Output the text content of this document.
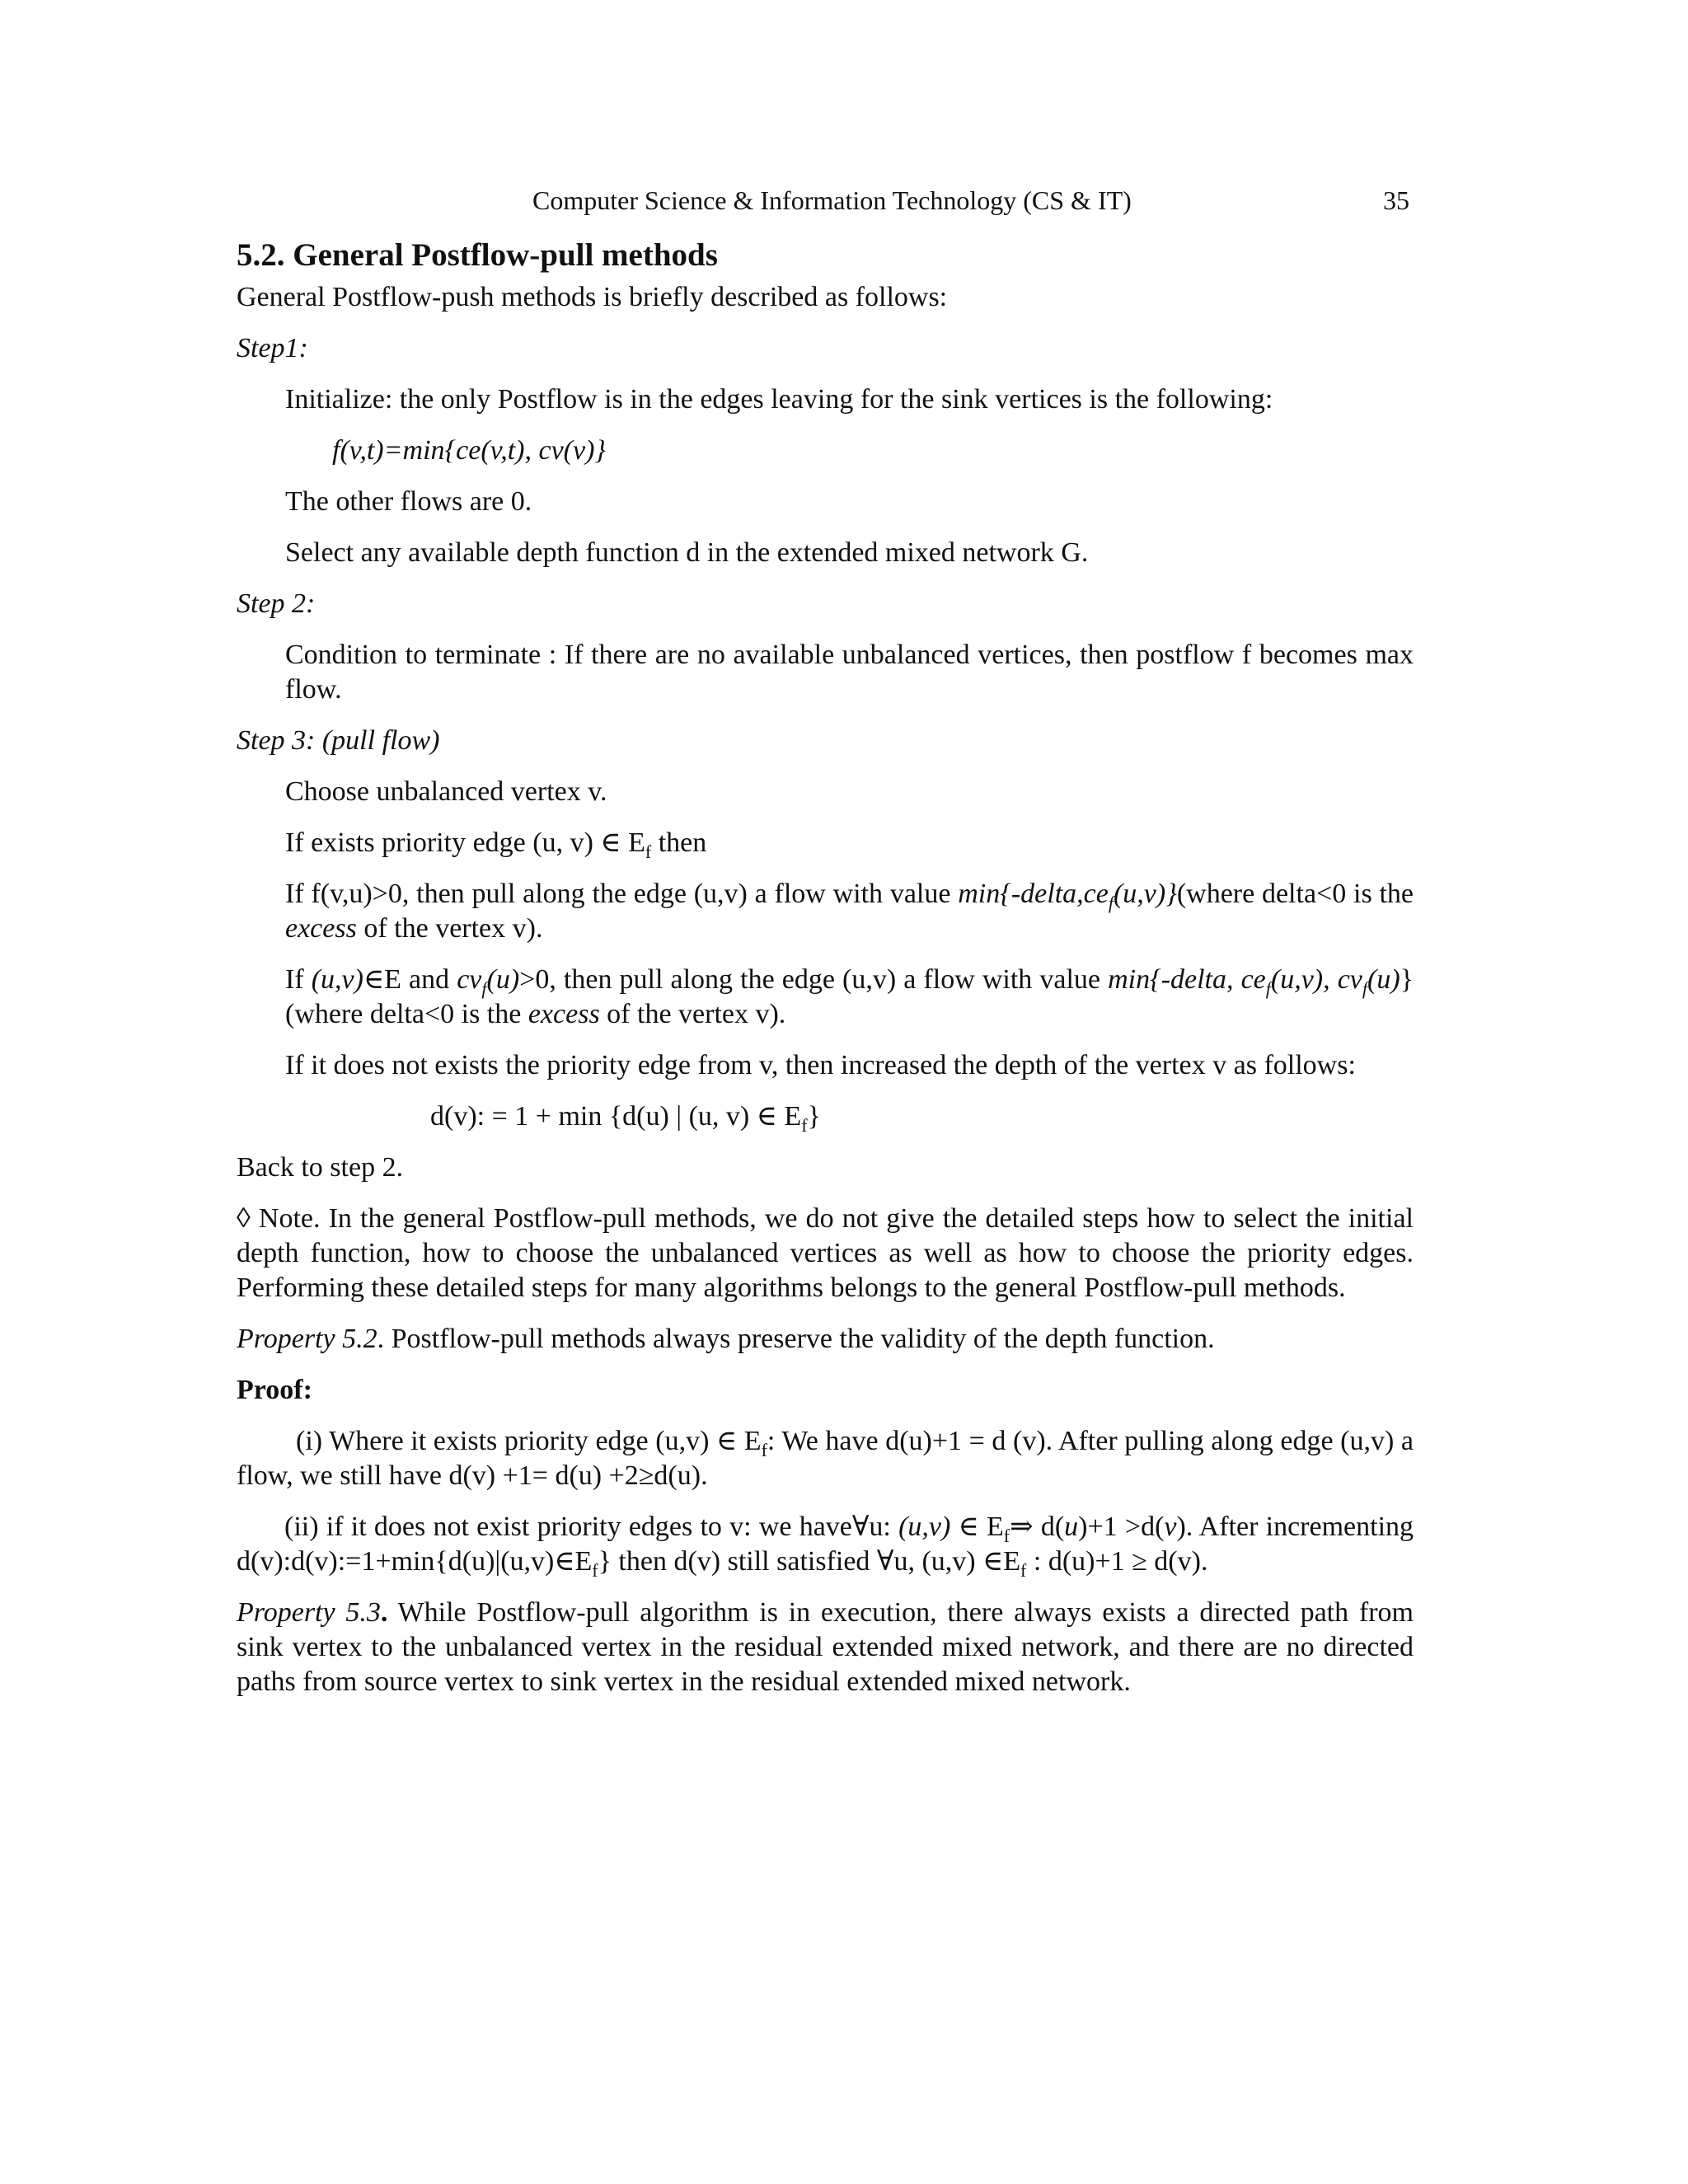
Computer Science & Information Technology (CS & IT)	35
5.2. General Postflow-pull methods

General Postflow-push methods is briefly described as follows:

Step1:

Initialize: the only Postflow is in the edges leaving for the sink vertices is the following:

f(v,t)=min{ce(v,t), cv(v)}

The other flows are 0.

Select any available depth function d in the extended mixed network G.

Step 2:

Condition to terminate : If there are no available unbalanced vertices, then postflow f becomes max flow.

Step 3: (pull flow)

Choose unbalanced vertex v.

If exists priority edge (u, v) ∈ $E_f$ then

If f(v,u)>0, then pull along the edge (u,v) a flow with value $\min\{-delta,ce_f(u,v)\}(where$ delta<0 is the excess of the vertex v).

If (u,v)∈E and $cv_f(u)>0$, then pull along the edge (u,v) a flow with value min{-delta, $ce_f(u,v)$, $cv_f(u)\}(where$ delta<0 is the excess of the vertex v).

If it does not exists the priority edge from v, then increased the depth of the vertex v as follows:

d(v): = 1 + min {d(u) | (u, v) ∈ $E_f$}

Back to step 2.

◊ Note. In the general Postflow-pull methods, we do not give the detailed steps how to select the initial depth function, how to choose the unbalanced vertices as well as how to choose the priority edges. Performing these detailed steps for many algorithms belongs to the general Postflow-pull methods.

Property 5.2. Postflow-pull methods always preserve the validity of the depth function.

Proof:

(i) Where it exists priority edge (u,v) ∈ $E_f$: We have d(u)+1 = d (v). After pulling along edge (u,v) a flow, we still have d(v) +1= d(u) +2≥d(u).

(ii) if it does not exist priority edges to v: we have∀u: (u,v) ∈ $E_f\Rightarrow$ d(u)+1 >d(v). After incrementing $d(v):d(v):=1+\min\{d(u)|(u,v)\in E_f\}$ then d(v) still satisfied ∀u, (u,v) $\in E_f$ : d(u)+1 ≥ d(v).

Property 5.3. While Postflow-pull algorithm is in execution, there always exists a directed path from sink vertex to the unbalanced vertex in the residual extended mixed network, and there are no directed paths from source vertex to sink vertex in the residual extended mixed network.
